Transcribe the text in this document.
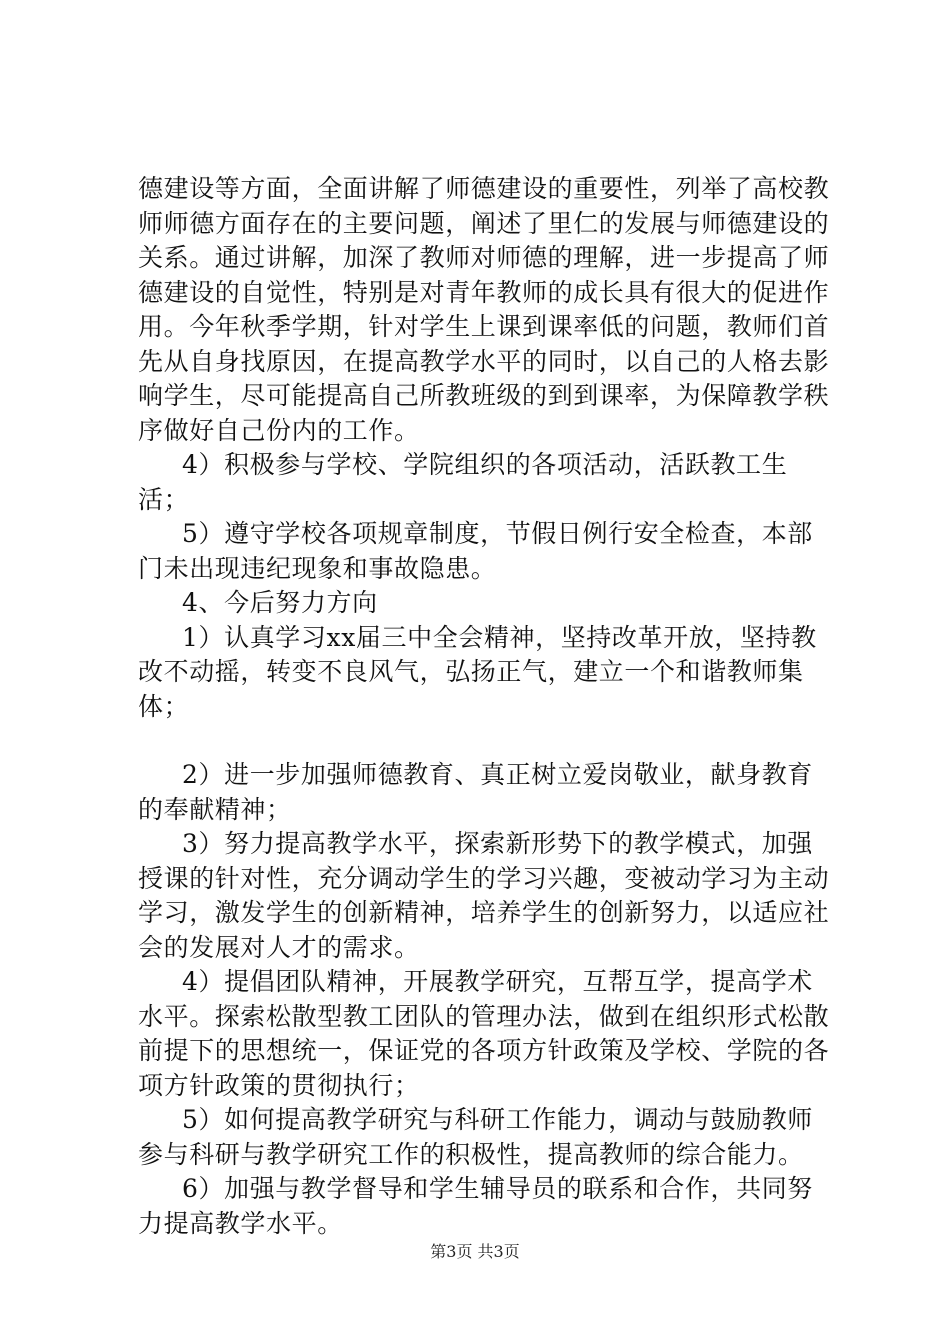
德建设等方面，全面讲解了师德建设的重要性，列举了高校教师师德方面存在的主要问题，阐述了里仁的发展与师德建设的关系。通过讲解，加深了教师对师德的理解，进一步提高了师德建设的自觉性，特别是对青年教师的成长具有很大的促进作用。今年秋季学期，针对学生上课到课率低的问题，教师们首先从自身找原因，在提高教学水平的同时，以自己的人格去影响学生，尽可能提高自己所教班级的到到课率，为保障教学秩序做好自己份内的工作。

4）积极参与学校、学院组织的各项活动，活跃教工生活；

5）遵守学校各项规章制度，节假日例行安全检查，本部门未出现违纪现象和事故隐患。

4、今后努力方向

1）认真学习xx届三中全会精神，坚持改革开放，坚持教改不动摇，转变不良风气，弘扬正气，建立一个和谐教师集体；

2）进一步加强师德教育、真正树立爱岗敬业，献身教育的奉献精神；

3）努力提高教学水平，探索新形势下的教学模式，加强授课的针对性，充分调动学生的学习兴趣，变被动学习为主动学习，激发学生的创新精神，培养学生的创新努力，以适应社会的发展对人才的需求。

4）提倡团队精神，开展教学研究，互帮互学，提高学术水平。探索松散型教工团队的管理办法，做到在组织形式松散前提下的思想统一，保证党的各项方针政策及学校、学院的各项方针政策的贯彻执行；

5）如何提高教学研究与科研工作能力，调动与鼓励教师参与科研与教学研究工作的积极性，提高教师的综合能力。

6）加强与教学督导和学生辅导员的联系和合作，共同努力提高教学水平。

第3页 共3页
